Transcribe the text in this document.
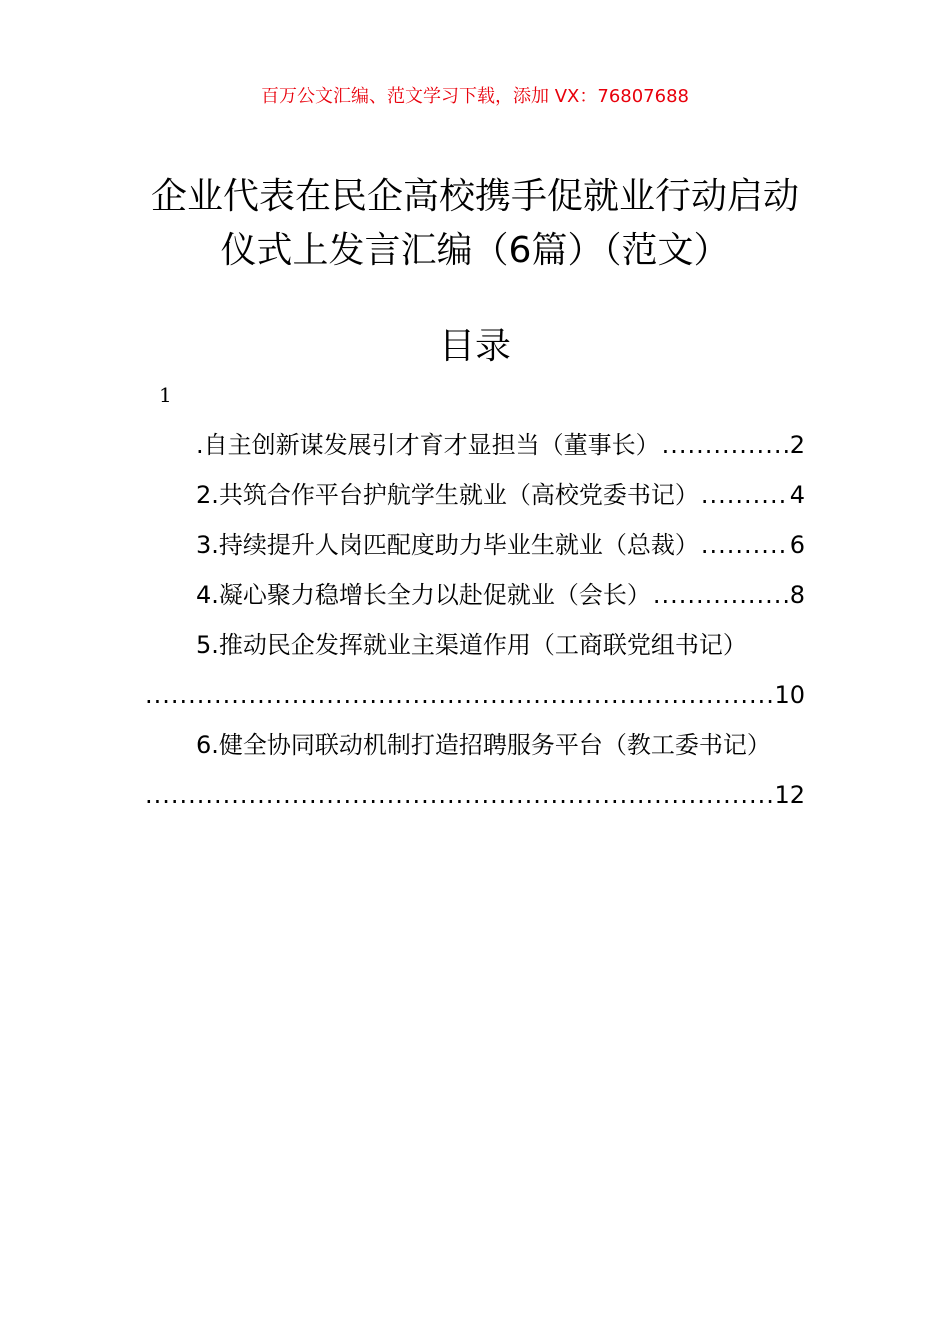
百万公文汇编、范文学习下载，添加 VX：76807688
企业代表在民企高校携手促就业行动启动
仪式上发言汇编（6篇）（范文）
目录
1
.自主创新谋发展引才育才显担当（董事长） .....	2
2.共筑合作平台护航学生就业（高校党委书记） .....	4
3.持续提升人岗匹配度助力毕业生就业（总裁） .....	6
4.凝心聚力稳增长全力以赴促就业（会长） .....	8
5.推动民企发挥就业主渠道作用（工商联党组书记）
.....
10
6.健全协同联动机制打造招聘服务平台（教工委书记）
.....
12
